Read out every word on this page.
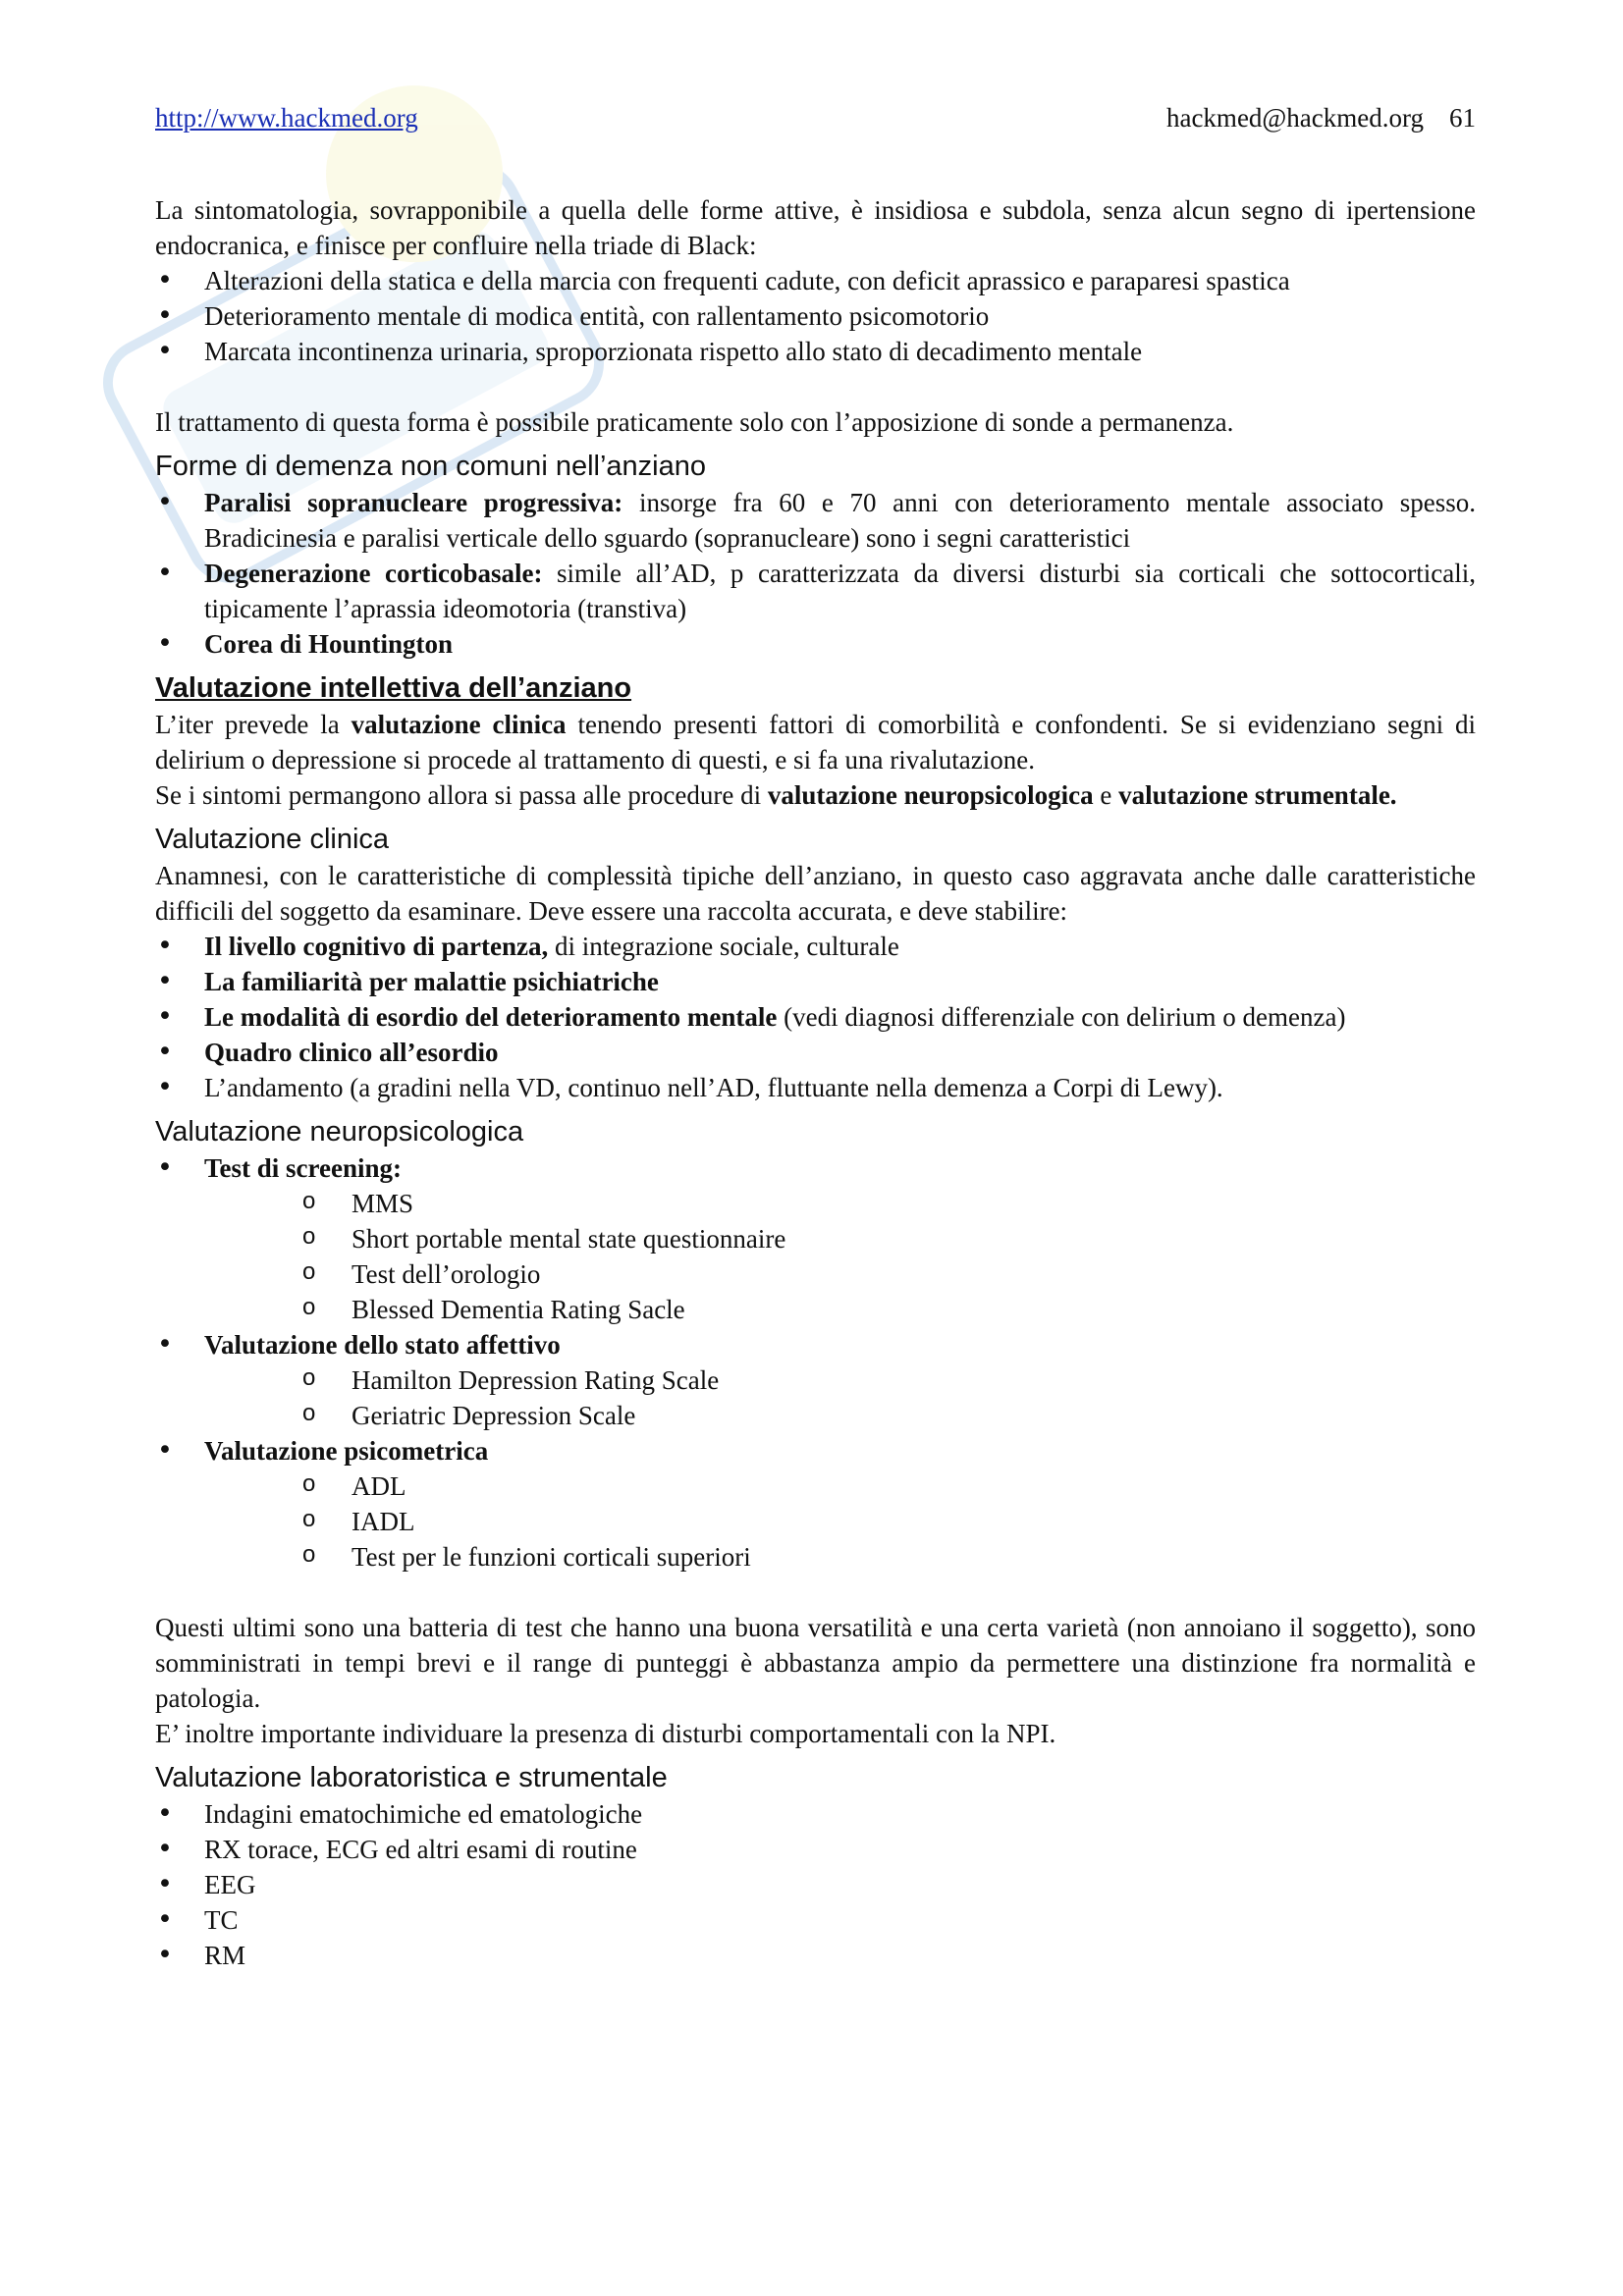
http://www.hackmed.org	hackmed@hackmed.org 61

La sintomatologia, sovrapponibile a quella delle forme attive, è insidiosa e subdola, senza alcun segno di ipertensione endocranica, e finisce per confluire nella triade di Black:

• Alterazioni della statica e della marcia con frequenti cadute, con deficit aprassico e paraparesi spastica
• Deterioramento mentale di modica entità, con rallentamento psicomotorio
• Marcata incontinenza urinaria, sproporzionata rispetto allo stato di decadimento mentale

Il trattamento di questa forma è possibile praticamente solo con l’apposizione di sonde a permanenza.

Forme di demenza non comuni nell’anziano
• Paralisi sopranucleare progressiva: insorge fra 60 e 70 anni con deterioramento mentale associato spesso. Bradicinesia e paralisi verticale dello sguardo (sopranucleare) sono i segni caratteristici
• Degenerazione corticobasale: simile all’AD, p caratterizzata da diversi disturbi sia corticali che sottocorticali, tipicamente l’aprassia ideomotoria (transtiva)
• Corea di Hountington
Valutazione intellettiva dell’anziano

L’iter prevede la valutazione clinica tenendo presenti fattori di comorbilità e confondenti. Se si evidenziano segni di delirium o depressione si procede al trattamento di questi, e si fa una rivalutazione.

Se i sintomi permangono allora si passa alle procedure di valutazione neuropsicologica e valutazione strumentale.

Valutazione clinica

Anamnesi, con le caratteristiche di complessità tipiche dell’anziano, in questo caso aggravata anche dalle caratteristiche difficili del soggetto da esaminare. Deve essere una raccolta accurata, e deve stabilire:

• Il livello cognitivo di partenza, di integrazione sociale, culturale
• La familiarità per malattie psichiatriche
• Le modalità di esordio del deterioramento mentale (vedi diagnosi differenziale con delirium o demenza)
• Quadro clinico all’esordio
• L’andamento (a gradini nella VD, continuo nell’AD, fluttuante nella demenza a Corpi di Lewy).
Valutazione neuropsicologica
• Test di screening:
o MMS
o Short portable mental state questionnaire
o Test dell’orologio
o Blessed Dementia Rating Sacle
• Valutazione dello stato affettivo
o Hamilton Depression Rating Scale
o Geriatric Depression Scale
• Valutazione psicometrica
o ADL
o IADL
o Test per le funzioni corticali superiori

Questi ultimi sono una batteria di test che hanno una buona versatilità e una certa varietà (non annoiano il soggetto), sono somministrati in tempi brevi e il range di punteggi è abbastanza ampio da permettere una distinzione fra normalità e patologia.

E’ inoltre importante individuare la presenza di disturbi comportamentali con la NPI.

Valutazione laboratoristica e strumentale
• Indagini ematochimiche ed ematologiche
• RX torace, ECG ed altri esami di routine
• EEG
• TC
• RM
